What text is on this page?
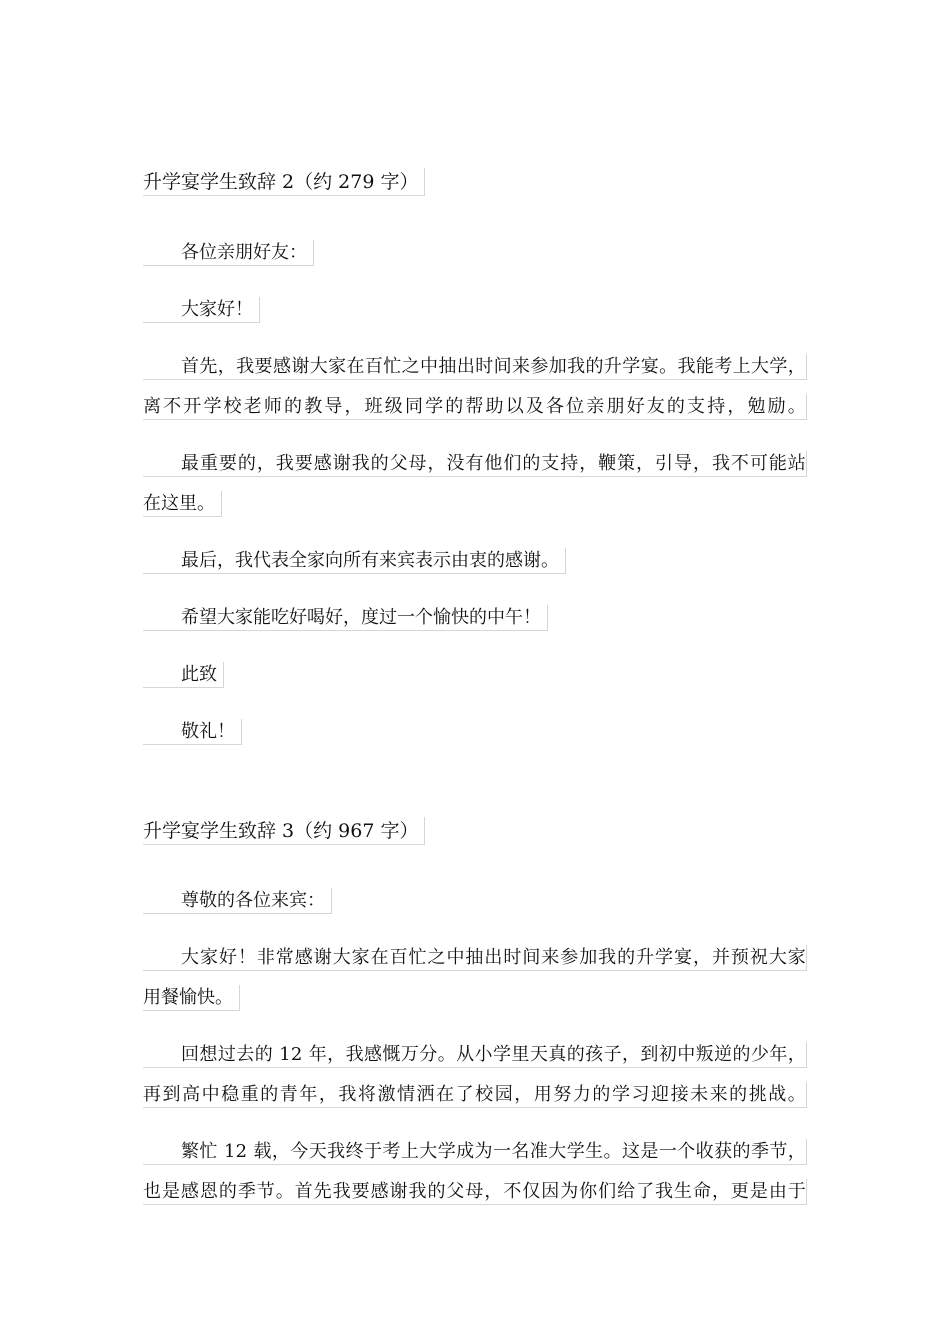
升学宴学生致辞 2（约 279 字）
各位亲朋好友：
大家好！
首先，我要感谢大家在百忙之中抽出时间来参加我的升学宴。我能考上大学，
离不开学校老师的教导，班级同学的帮助以及各位亲朋好友的支持，勉励。
最重要的，我要感谢我的父母，没有他们的支持，鞭策，引导，我不可能站
在这里。
最后，我代表全家向所有来宾表示由衷的感谢。
希望大家能吃好喝好，度过一个愉快的中午！
此致
敬礼！
升学宴学生致辞 3（约 967 字）
尊敬的各位来宾：
大家好！非常感谢大家在百忙之中抽出时间来参加我的升学宴，并预祝大家
用餐愉快。
回想过去的 12 年，我感慨万分。从小学里天真的孩子，到初中叛逆的少年，
再到高中稳重的青年，我将激情洒在了校园，用努力的学习迎接未来的挑战。
繁忙 12 载，今天我终于考上大学成为一名准大学生。这是一个收获的季节，
也是感恩的季节。首先我要感谢我的父母，不仅因为你们给了我生命，更是由于
